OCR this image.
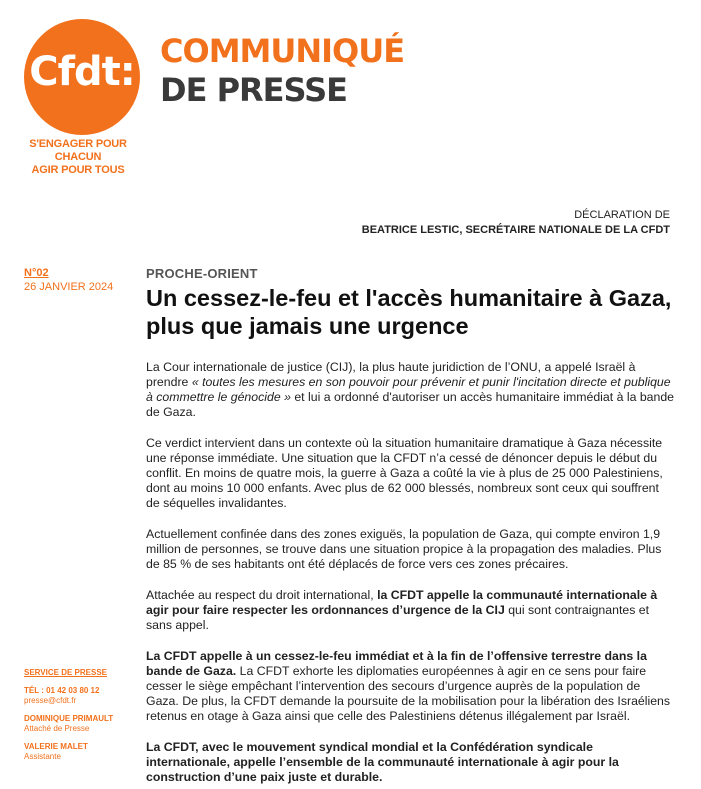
Cfdt:
S'ENGAGER POUR CHACUN
AGIR POUR TOUS
COMMUNIQUÉ
DE PRESSE
DÉCLARATION DE
BEATRICE LESTIC, SECRÉTAIRE NATIONALE DE LA CFDT
N°02
26 JANVIER 2024
PROCHE-ORIENT
Un cessez-le-feu et l'accès humanitaire à Gaza, plus que jamais une urgence

La Cour internationale de justice (CIJ), la plus haute juridiction de l’ONU, a appelé Israël à prendre « toutes les mesures en son pouvoir pour prévenir et punir l'incitation directe et publique à commettre le génocide » et lui a ordonné d'autoriser un accès humanitaire immédiat à la bande de Gaza.

Ce verdict intervient dans un contexte où la situation humanitaire dramatique à Gaza nécessite une réponse immédiate. Une situation que la CFDT n’a cessé de dénoncer depuis le début du conflit. En moins de quatre mois, la guerre à Gaza a coûté la vie à plus de 25 000 Palestiniens, dont au moins 10 000 enfants. Avec plus de 62 000 blessés, nombreux sont ceux qui souffrent de séquelles invalidantes.

Actuellement confinée dans des zones exiguës, la population de Gaza, qui compte environ 1,9 million de personnes, se trouve dans une situation propice à la propagation des maladies. Plus de 85 % de ses habitants ont été déplacés de force vers ces zones précaires.

Attachée au respect du droit international, la CFDT appelle la communauté internationale à agir pour faire respecter les ordonnances d’urgence de la CIJ qui sont contraignantes et sans appel.

La CFDT appelle à un cessez-le-feu immédiat et à la fin de l’offensive terrestre dans la bande de Gaza. La CFDT exhorte les diplomaties européennes à agir en ce sens pour faire cesser le siège empêchant l’intervention des secours d’urgence auprès de la population de Gaza. De plus, la CFDT demande la poursuite de la mobilisation pour la libération des Israéliens retenus en otage à Gaza ainsi que celle des Palestiniens détenus illégalement par Israël.

La CFDT, avec le mouvement syndical mondial et la Confédération syndicale internationale, appelle l’ensemble de la communauté internationale à agir pour la construction d’une paix juste et durable.

SERVICE DE PRESSE
TÉL : 01 42 03 80 12
presse@cfdt.fr
DOMINIQUE PRIMAULT
Attaché de Presse
VALERIE MALET
Assistante
